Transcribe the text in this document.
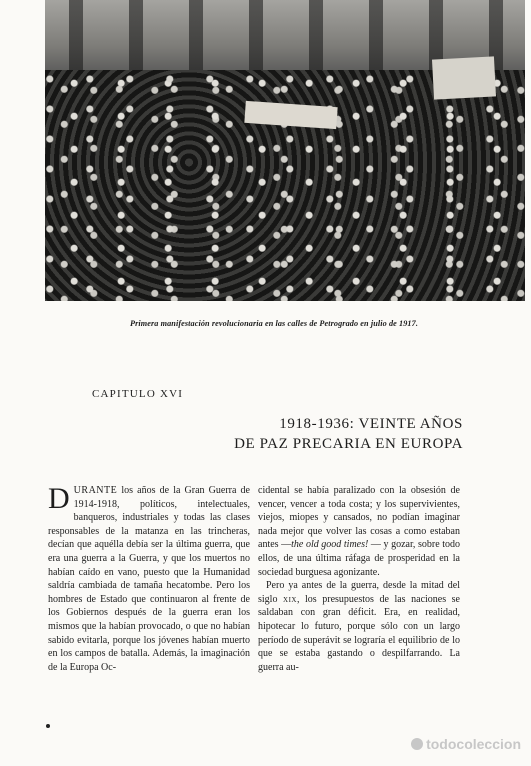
Primera manifestación revolucionaria en las calles de Petrogrado en julio de 1917.
CAPITULO XVI
1918-1936: VEINTE AÑOS
DE PAZ PRECARIA EN EUROPA

DURANTE los años de la Gran Guerra de 1914-1918, políticos, intelectuales, banqueros, industriales y todas las clases responsables de la matanza en las trincheras, decían que aquélla debía ser la última guerra, que era una guerra a la Guerra, y que los muertos no habían caído en vano, puesto que la Humanidad saldría cambiada de tamaña hecatombe. Pero los hombres de Estado que continuaron al frente de los Gobiernos después de la guerra eran los mismos que la habían provocado, o que no habían sabido evitarla, porque los jóvenes habían muerto en los campos de batalla. Además, la imaginación de la Europa Oc-

cidental se había paralizado con la obsesión de vencer, vencer a toda costa; y los supervivientes, viejos, miopes y cansados, no podían imaginar nada mejor que volver las cosas a como estaban antes —the old good times! — y gozar, sobre todo ellos, de una última ráfaga de prosperidad en la sociedad burguesa agonizante.

Pero ya antes de la guerra, desde la mitad del siglo xix, los presupuestos de las naciones se saldaban con gran déficit. Era, en realidad, hipotecar lo futuro, porque sólo con un largo período de superávit se lograría el equilibrio de lo que se estaba gastando o despilfarrando. La guerra au-

todocoleccion
